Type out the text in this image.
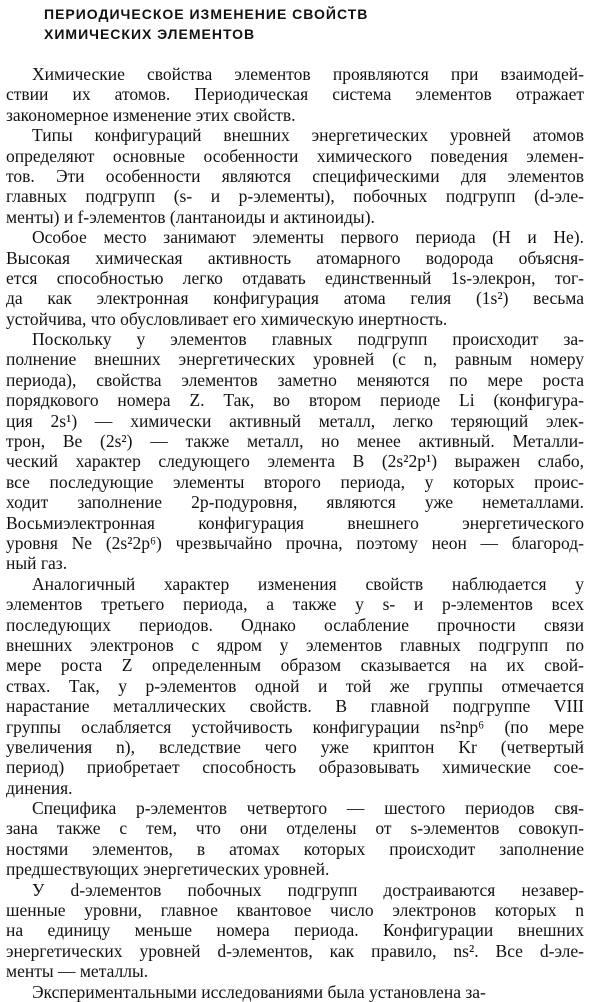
ПЕРИОДИЧЕСКОЕ ИЗМЕНЕНИЕ СВОЙСТВ
ХИМИЧЕСКИХ ЭЛЕМЕНТОВ
Химические свойства элементов проявляются при взаимодей-
ствии их атомов. Периодическая система элементов отражает
закономерное изменение этих свойств.
Типы конфигураций внешних энергетических уровней атомов
определяют основные особенности химического поведения элемен-
тов. Эти особенности являются специфическими для элементов
главных подгрупп (s- и p-элементы), побочных подгрупп (d-эле-
менты) и f-элементов (лантаноиды и актиноиды).
Особое место занимают элементы первого периода (H и He).
Высокая химическая активность атомарного водорода объясня-
ется способностью легко отдавать единственный 1s-элекрон, тог-
да как электронная конфигурация атома гелия (1s²) весьма
устойчива, что обусловливает его химическую инертность.
Поскольку у элементов главных подгрупп происходит за-
полнение внешних энергетических уровней (с n, равным номеру
периода), свойства элементов заметно меняются по мере роста
порядкового номера Z. Так, во втором периоде Li (конфигура-
ция 2s¹) — химически активный металл, легко теряющий элек-
трон, Be (2s²) — также металл, но менее активный. Металли-
ческий характер следующего элемента B (2s²2p¹) выражен слабо,
все последующие элементы второго периода, у которых проис-
ходит заполнение 2p-подуровня, являются уже неметаллами.
Восьмиэлектронная конфигурация внешнего энергетического
уровня Ne (2s²2p⁶) чрезвычайно прочна, поэтому неон — благород-
ный газ.
Аналогичный характер изменения свойств наблюдается у
элементов третьего периода, а также у s- и p-элементов всех
последующих периодов. Однако ослабление прочности связи
внешних электронов с ядром у элементов главных подгрупп по
мере роста Z определенным образом сказывается на их свой-
ствах. Так, у p-элементов одной и той же группы отмечается
нарастание металлических свойств. В главной подгруппе VIII
группы ослабляется устойчивость конфигурации ns²np⁶ (по мере
увеличения n), вследствие чего уже криптон Kr (четвертый
период) приобретает способность образовывать химические сое-
динения.
Специфика p-элементов четвертого — шестого периодов свя-
зана также с тем, что они отделены от s-элементов совокуп-
ностями элементов, в атомах которых происходит заполнение
предшествующих энергетических уровней.
У d-элементов побочных подгрупп достраиваются незавер-
шенные уровни, главное квантовое число электронов которых n
на единицу меньше номера периода. Конфигурации внешних
энергетических уровней d-элементов, как правило, ns². Все d-эле-
менты — металлы.
Экспериментальными исследованиями была установлена за-
